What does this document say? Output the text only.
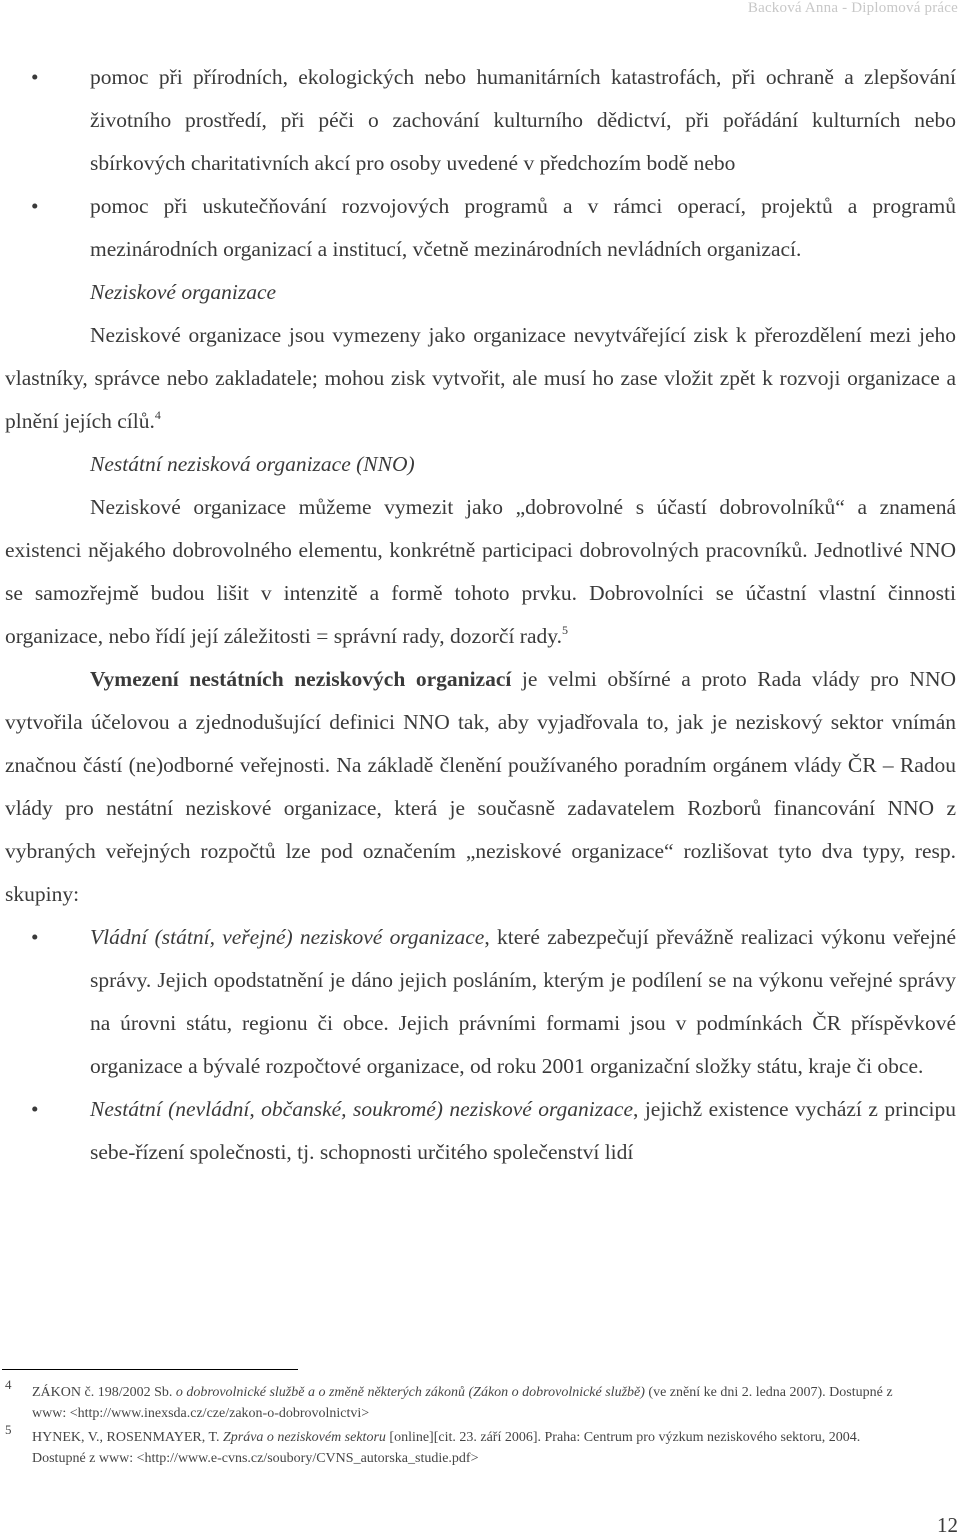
Backová Anna - Diplomová práce

• pomoc při přírodních, ekologických nebo humanitárních katastrofách, při ochraně a zlepšování životního prostředí, při péči o zachování kulturního dědictví, při pořádání kulturních nebo sbírkových charitativních akcí pro osoby uvedené v předchozím bodě nebo

• pomoc při uskutečňování rozvojových programů a v rámci operací, projektů a programů mezinárodních organizací a institucí, včetně mezinárodních nevládních organizací.

Neziskové organizace

Neziskové organizace jsou vymezeny jako organizace nevytvářející zisk k přerozdělení mezi jeho vlastníky, správce nebo zakladatele; mohou zisk vytvořit, ale musí ho zase vložit zpět k rozvoji organizace a plnění jejích cílů.$^4$

Nestátní nezisková organizace (NNO)

Neziskové organizace můžeme vymezit jako „dobrovolné s účastí dobrovolníků“ a znamená existenci nějakého dobrovolného elementu, konkrétně participaci dobrovolných pracovníků. Jednotlivé NNO se samozřejmě budou lišit v intenzitě a formě tohoto prvku. Dobrovolníci se účastní vlastní činnosti organizace, nebo řídí její záležitosti = správní rady, dozorčí rady.$^5$

Vymezení nestátních neziskových organizací je velmi obšírné a proto Rada vlády pro NNO vytvořila účelovou a zjednodušující definici NNO tak, aby vyjadřovala to, jak je neziskový sektor vnímán značnou částí (ne)odborné veřejnosti. Na základě členění používaného poradním orgánem vlády ČR – Radou vlády pro nestátní neziskové organizace, která je současně zadavatelem Rozborů financování NNO z vybraných veřejných rozpočtů lze pod označením „neziskové organizace“ rozlišovat tyto dva typy, resp. skupiny:

• Vládní (státní, veřejné) neziskové organizace, které zabezpečují převážně realizaci výkonu veřejné správy. Jejich opodstatnění je dáno jejich posláním, kterým je podílení se na výkonu veřejné správy na úrovni státu, regionu či obce. Jejich právními formami jsou v podmínkách ČR příspěvkové organizace a bývalé rozpočtové organizace, od roku 2001 organizační složky státu, kraje či obce.

• Nestátní (nevládní, občanské, soukromé) neziskové organizace, jejichž existence vychází z principu sebe-řízení společnosti, tj. schopnosti určitého společenství lidí

4
ZÁKON č. 198/2002 Sb. o dobrovolnické službě a o změně některých zákonů (Zákon o dobrovolnické službě) (ve znění ke dni 2. ledna 2007). Dostupné z www: <http://www.inexsda.cz/cze/zakon-o-dobrovolnictvi>
5
HYNEK, V., ROSENMAYER, T. Zpráva o neziskovém sektoru [online][cit. 23. září 2006]. Praha: Centrum pro výzkum neziskového sektoru, 2004. Dostupné z www: <http://www.e-cvns.cz/soubory/CVNS_autorska_studie.pdf>
12
